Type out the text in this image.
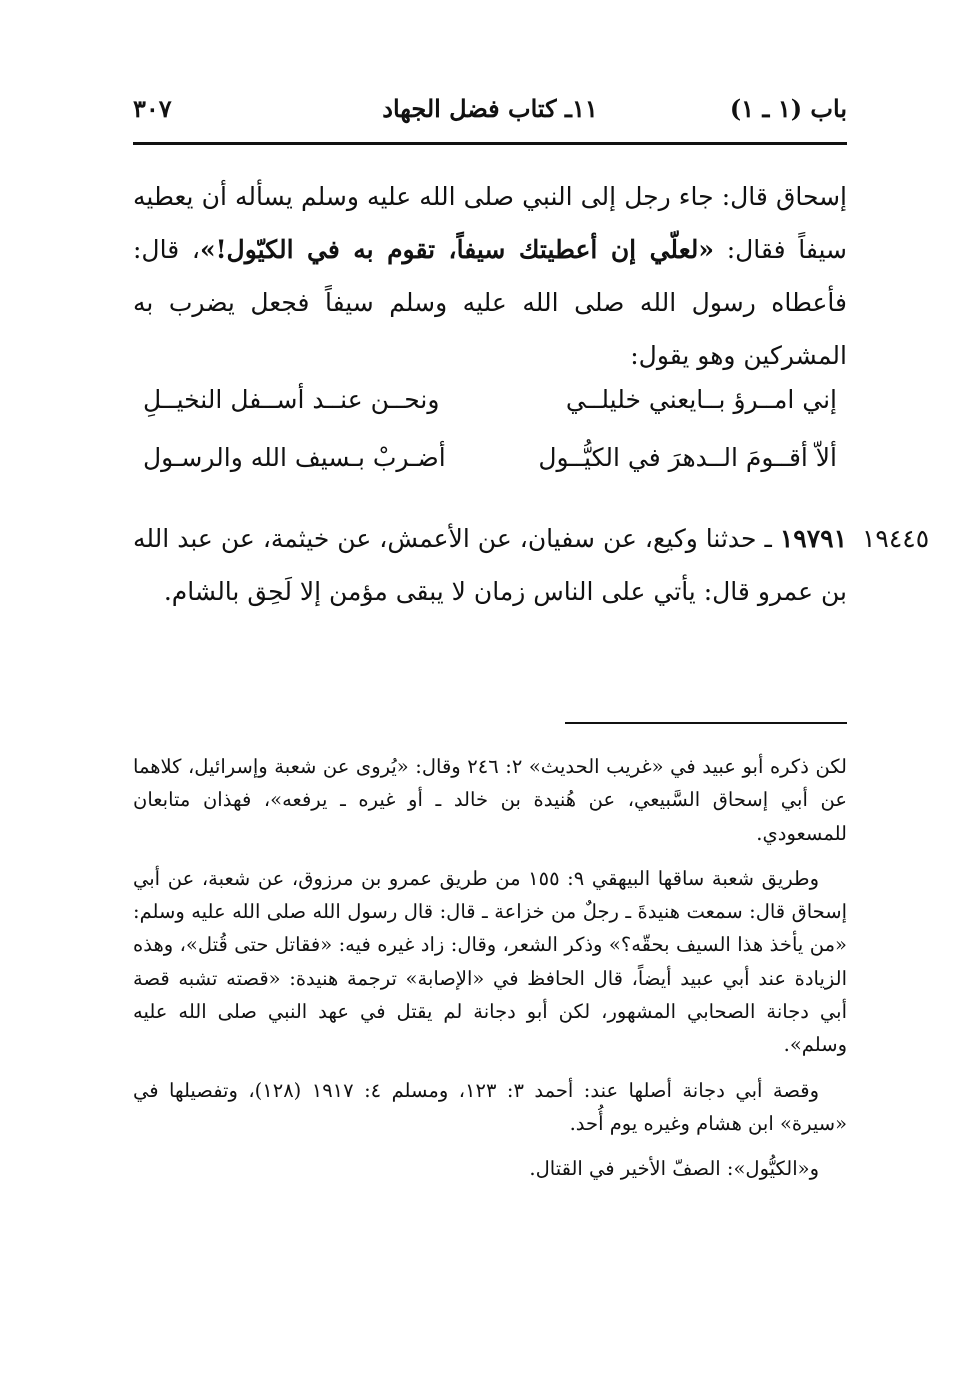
باب (١ ـ ١)
١١ـ كتاب فضل الجهاد
٣٠٧

إسحاق قال: جاء رجل إلى النبي صلى الله عليه وسلم يسأله أن يعطيه سيفاً فقال: «لعلّي إن أعطيتك سيفاً، تقوم به في الكيّول!»، قال: فأعطاه رسول الله صلى الله عليه وسلم سيفاً فجعل يضرب به المشركين وهو يقول:

إني امــرؤ بــايعني خليلــي
ونحــن عنــد أســفل النخيــلِ
ألاّ أقــومَ الــدهرَ في الكيُّــول
أضـربْ بـسيف الله والرسـول
١٩٤٤٥

١٩٧٩١ ـ حدثنا وكيع، عن سفيان، عن الأعمش، عن خيثمة، عن عبد الله بن عمرو قال: يأتي على الناس زمان لا يبقى مؤمن إلا لَحِق بالشام.

لكن ذكره أبو عبيد في «غريب الحديث» ٢: ٢٤٦ وقال: «يُروى عن شعبة وإسرائيل، كلاهما عن أبي إسحاق السَّبيعي، عن هُنيدة بن خالد ـ أو غيره ـ يرفعه»، فهذان متابعان للمسعودي.

وطريق شعبة ساقها البيهقي ٩: ١٥٥ من طريق عمرو بن مرزوق، عن شعبة، عن أبي إسحاق قال: سمعت هنيدةَ ـ رجلٌ من خزاعة ـ قال: قال رسول الله صلى الله عليه وسلم: «من يأخذ هذا السيف بحقّه؟» وذكر الشعر، وقال: زاد غيره فيه: «فقاتل حتى قُتل»، وهذه الزيادة عند أبي عبيد أيضاً، قال الحافظ في «الإصابة» ترجمة هنيدة: «قصته تشبه قصة أبي دجانة الصحابي المشهور، لكن أبو دجانة لم يقتل في عهد النبي صلى الله عليه وسلم».

وقصة أبي دجانة أصلها عند: أحمد ٣: ١٢٣، ومسلم ٤: ١٩١٧ (١٢٨)، وتفصيلها في «سيرة» ابن هشام وغيره يوم أُحد.

و«الكيُّول»: الصفّ الأخير في القتال.
